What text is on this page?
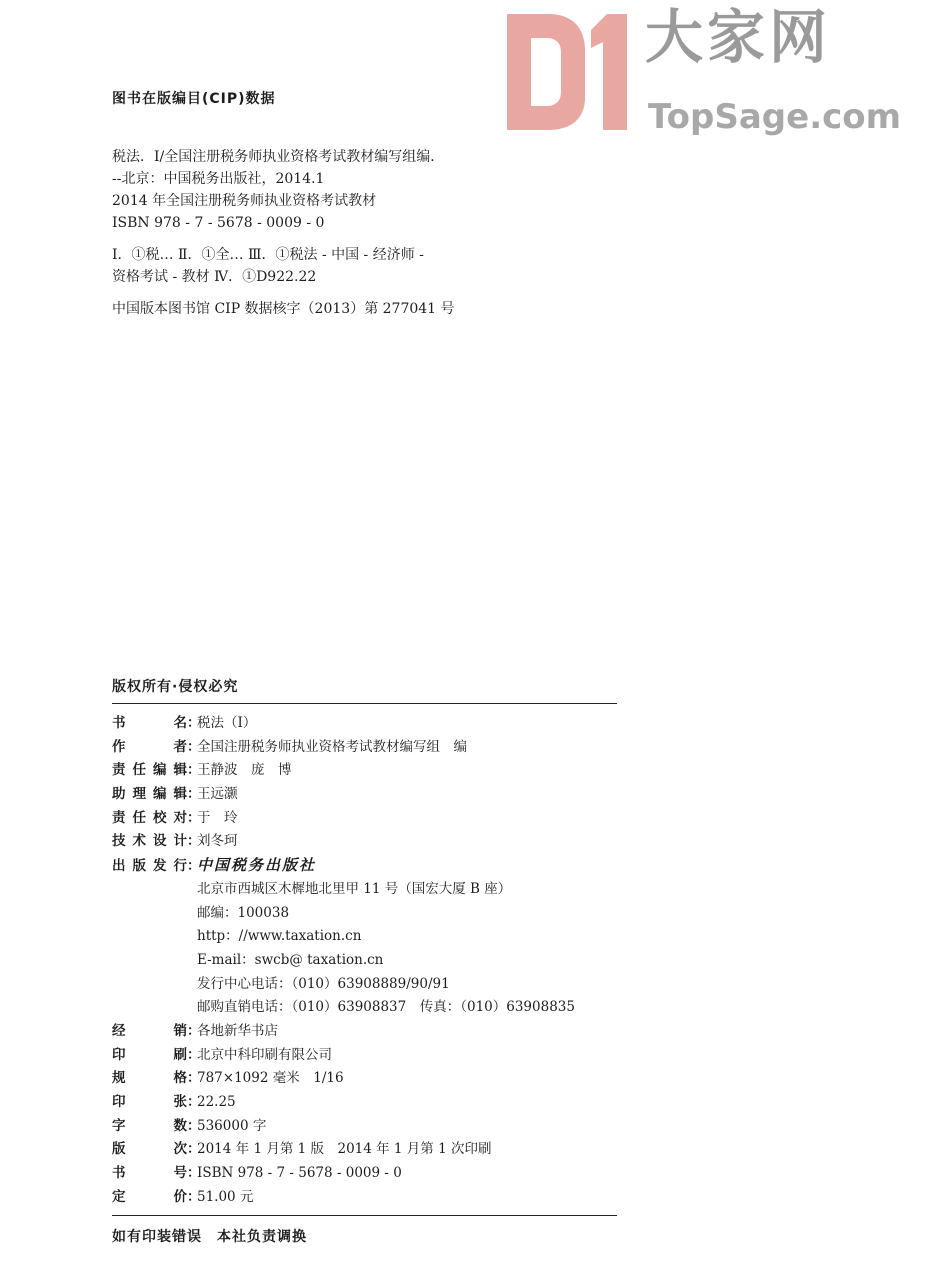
大家网
TopSage.com
图书在版编目(CIP)数据
税法．Ⅰ/全国注册税务师执业资格考试教材编写组编．
--北京：中国税务出版社，2014.1
2014 年全国注册税务师执业资格考试教材
ISBN 978 - 7 - 5678 - 0009 - 0
Ⅰ．①税… Ⅱ．①全… Ⅲ．①税法 - 中国 - 经济师 -
资格考试 - 教材 Ⅳ．①D922.22
中国版本图书馆 CIP 数据核字（2013）第 277041 号
版权所有·侵权必究
书	名 ：
税法（Ⅰ）
作	者 ：
全国注册税务师执业资格考试教材编写组　编
责 任 编 辑 ：
王静波　庞　博
助 理 编 辑 ：
王远灏
责 任 校 对 ：
于　玲
技 术 设 计 ：
刘冬珂
出 版 发 行 ：
中国税务出版社
北京市西城区木樨地北里甲 11 号（国宏大厦 B 座）
邮编：100038
http：//www.taxation.cn
E-mail：swcb@ taxation.cn
发行中心电话：（010）63908889/90/91
邮购直销电话：（010）63908837　传真：（010）63908835
经	销 ：
各地新华书店
印	刷 ：
北京中科印刷有限公司
规	格 ：
787×1092 毫米　1/16
印	张 ：
22.25
字	数 ：
536000 字
版	次 ：
2014 年 1 月第 1 版　2014 年 1 月第 1 次印刷
书	号 ：
ISBN 978 - 7 - 5678 - 0009 - 0
定	价 ：
51.00 元
如有印装错误　本社负责调换
